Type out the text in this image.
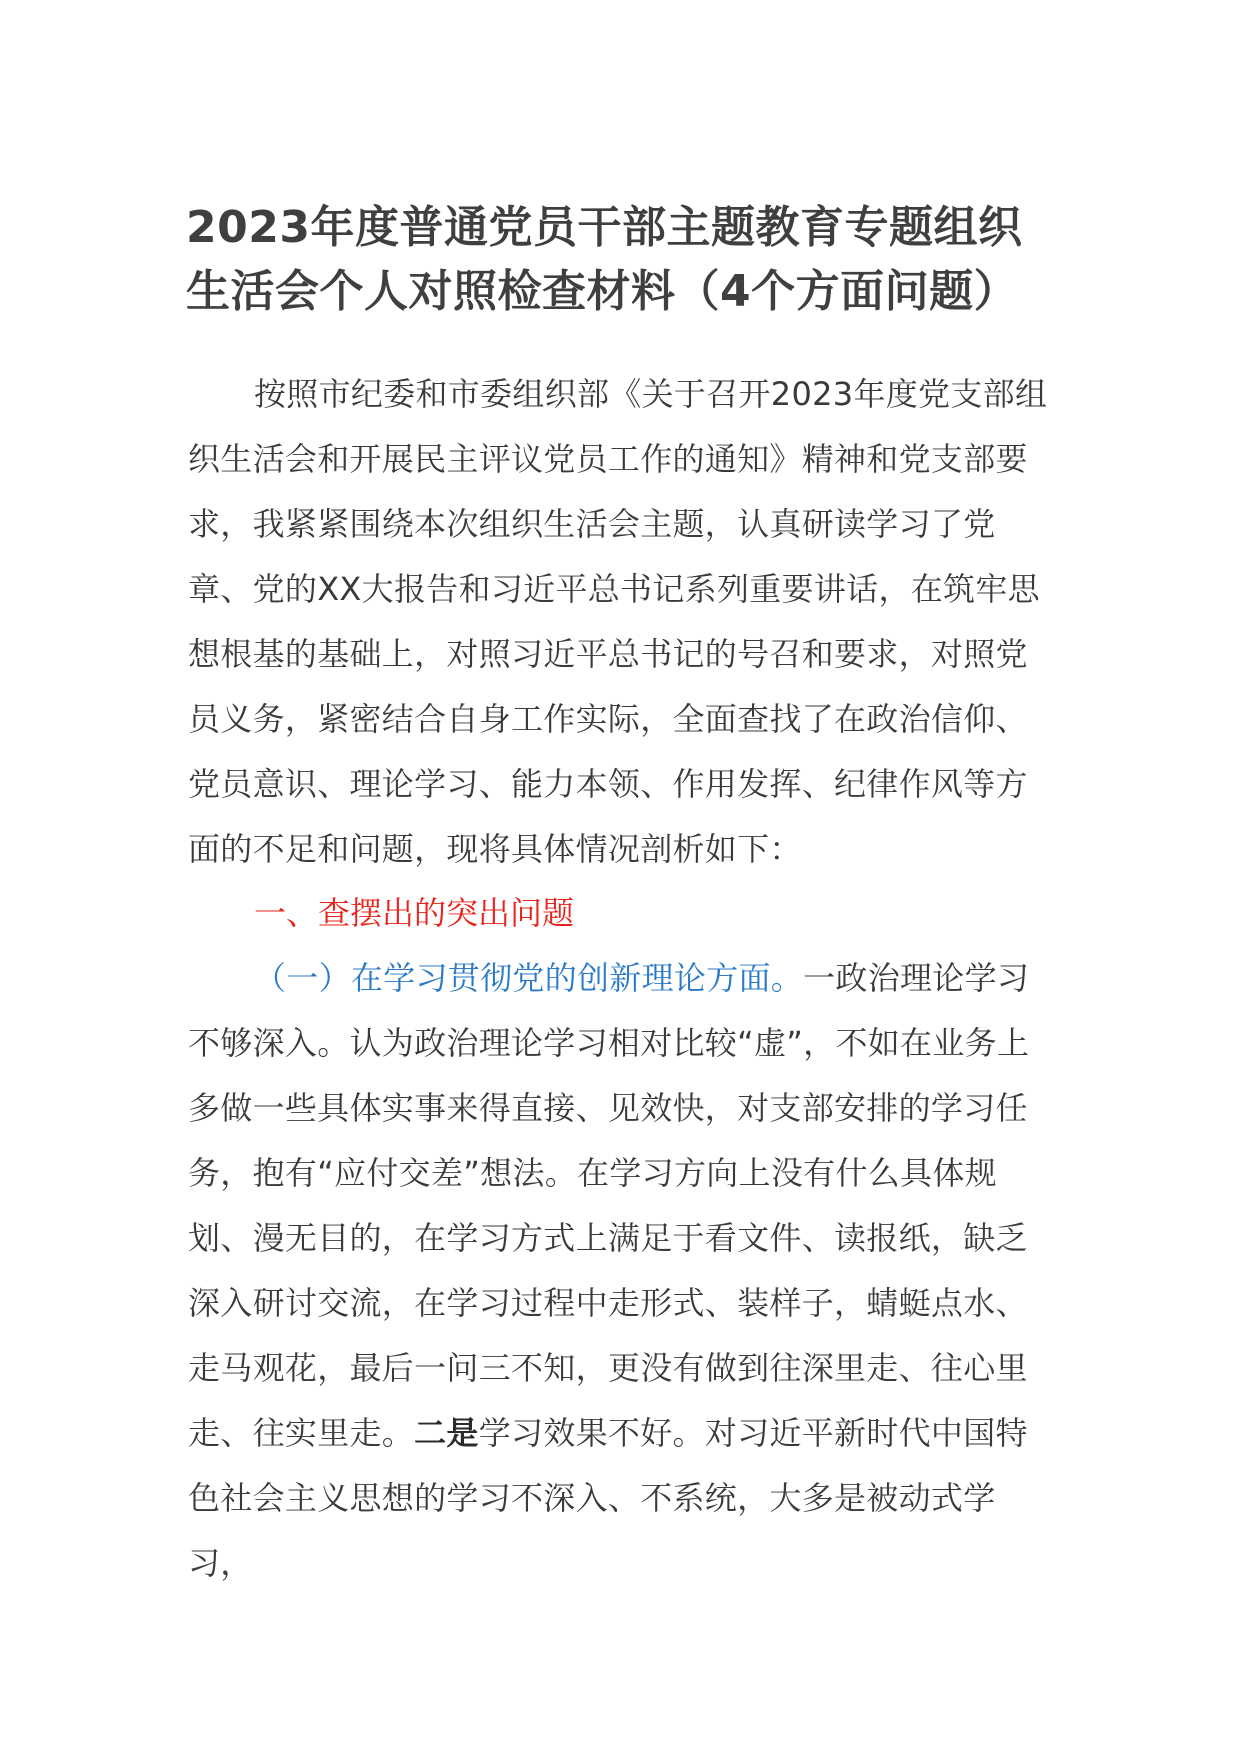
2023年度普通党员干部主题教育专题组织生活会个人对照检查材料（4个方面问题）

按照市纪委和市委组织部《关于召开2023年度党支部组织生活会和开展民主评议党员工作的通知》精神和党支部要求，我紧紧围绕本次组织生活会主题，认真研读学习了党章、党的XX大报告和习近平总书记系列重要讲话，在筑牢思想根基的基础上，对照习近平总书记的号召和要求，对照党员义务，紧密结合自身工作实际，全面查找了在政治信仰、党员意识、理论学习、能力本领、作用发挥、纪律作风等方面的不足和问题，现将具体情况剖析如下：

一、查摆出的突出问题

（一）在学习贯彻党的创新理论方面。一政治理论学习不够深入。认为政治理论学习相对比较“虚”，不如在业务上多做一些具体实事来得直接、见效快，对支部安排的学习任务，抱有“应付交差”想法。在学习方向上没有什么具体规划、漫无目的，在学习方式上满足于看文件、读报纸，缺乏深入研讨交流，在学习过程中走形式、装样子，蜻蜓点水、走马观花，最后一问三不知，更没有做到往深里走、往心里走、往实里走。二是学习效果不好。对习近平新时代中国特色社会主义思想的学习不深入、不系统，大多是被动式学习，
